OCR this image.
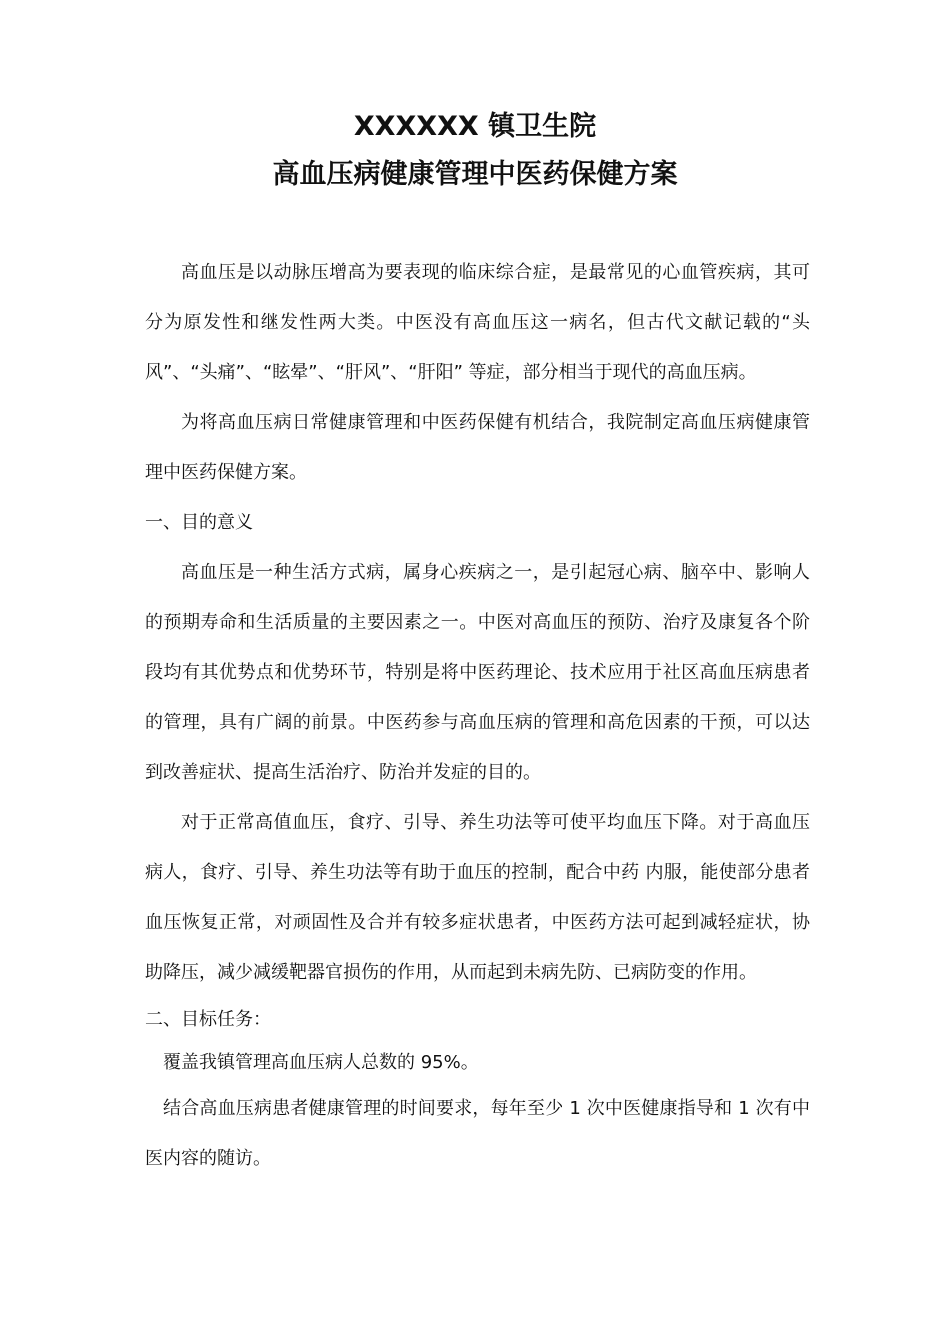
XXXXXX 镇卫生院
高血压病健康管理中医药保健方案

高血压是以动脉压增高为要表现的临床综合症，是最常见的心血管疾病，其可分为原发性和继发性两大类。中医没有高血压这一病名，但古代文献记载的“头风”、“头痛”、“眩晕”、“肝风”、“肝阳” 等症，部分相当于现代的高血压病。

为将高血压病日常健康管理和中医药保健有机结合，我院制定高血压病健康管理中医药保健方案。

一、目的意义

高血压是一种生活方式病，属身心疾病之一，是引起冠心病、脑卒中、影响人的预期寿命和生活质量的主要因素之一。中医对高血压的预防、治疗及康复各个阶段均有其优势点和优势环节，特别是将中医药理论、技术应用于社区高血压病患者的管理，具有广阔的前景。中医药参与高血压病的管理和高危因素的干预，可以达到改善症状、提高生活治疗、防治并发症的目的。

对于正常高值血压，食疗、引导、养生功法等可使平均血压下降。对于高血压病人，食疗、引导、养生功法等有助于血压的控制，配合中药 内服，能使部分患者血压恢复正常，对顽固性及合并有较多症状患者，中医药方法可起到减轻症状，协助降压，减少减缓靶器官损伤的作用，从而起到未病先防、已病防变的作用。

二、目标任务：

覆盖我镇管理高血压病人总数的 95%。

结合高血压病患者健康管理的时间要求，每年至少 1 次中医健康指导和 1 次有中医内容的随访。
